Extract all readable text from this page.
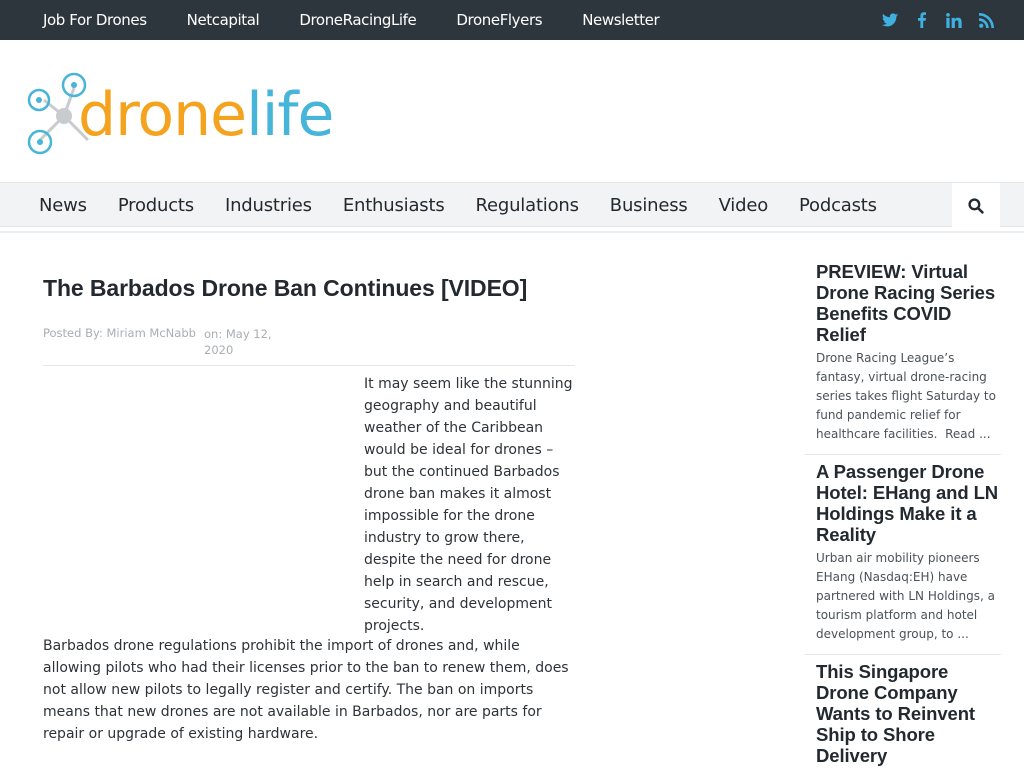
Job For Drones	Netcapital	DroneRacingLife	DroneFlyers	Newsletter
dronelife
News Products Industries Enthusiasts Regulations Business Video Podcasts
The Barbados Drone Ban Continues [VIDEO]
Posted By: Miriam McNabb on: May 12, 2020

It may seem like the stunning geography and beautiful weather of the Caribbean would be ideal for drones – but the continued Barbados drone ban makes it almost impossible for the drone industry to grow there, despite the need for drone help in search and rescue, security, and development projects.

Barbados drone regulations prohibit the import of drones and, while allowing pilots who had their licenses prior to the ban to renew them, does not allow new pilots to legally register and certify. The ban on imports means that new drones are not available in Barbados, nor are parts for repair or upgrade of existing hardware.

PREVIEW: Virtual Drone Racing Series Benefits COVID Relief

Drone Racing League’s fantasy, virtual drone-racing series takes flight Saturday to fund pandemic relief for healthcare facilities. Read ...

A Passenger Drone Hotel: EHang and LN Holdings Make it a Reality

Urban air mobility pioneers EHang (Nasdaq:EH) have partnered with LN Holdings, a tourism platform and hotel development group, to ...

This Singapore Drone Company Wants to Reinvent Ship to Shore Delivery
